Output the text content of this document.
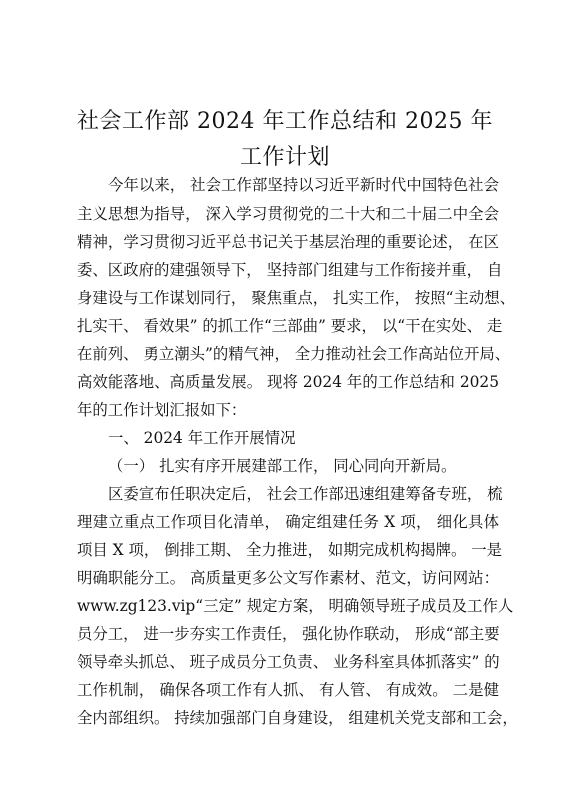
社会工作部 2024 年工作总结和 2025 年
工作计划
今年以来， 社会工作部坚持以习近平新时代中国特色社会
主义思想为指导， 深入学习贯彻党的二十大和二十届二中全会
精神，学习贯彻习近平总书记关于基层治理的重要论述， 在区
委、区政府的建强领导下， 坚持部门组建与工作衔接并重， 自
身建设与工作谋划同行， 聚焦重点， 扎实工作， 按照“主动想、
扎实干、 看效果” 的抓工作“三部曲” 要求， 以“干在实处、 走
在前列、 勇立潮头”的精气神， 全力推动社会工作高站位开局、
高效能落地、高质量发展。 现将 2024 年的工作总结和 2025
年的工作计划汇报如下：
一、 2024 年工作开展情况
（一） 扎实有序开展建部工作， 同心同向开新局。
区委宣布任职决定后， 社会工作部迅速组建筹备专班， 梳
理建立重点工作项目化清单， 确定组建任务 X 项， 细化具体
项目 X 项， 倒排工期、 全力推进， 如期完成机构揭牌。 一是
明确职能分工。 高质量更多公文写作素材、范文，访问网站：
www.zg123.vip“三定” 规定方案， 明确领导班子成员及工作人
员分工， 进一步夯实工作责任， 强化协作联动， 形成“部主要
领导牵头抓总、 班子成员分工负责、 业务科室具体抓落实” 的
工作机制， 确保各项工作有人抓、 有人管、 有成效。 二是健
全内部组织。 持续加强部门自身建设， 组建机关党支部和工会，
